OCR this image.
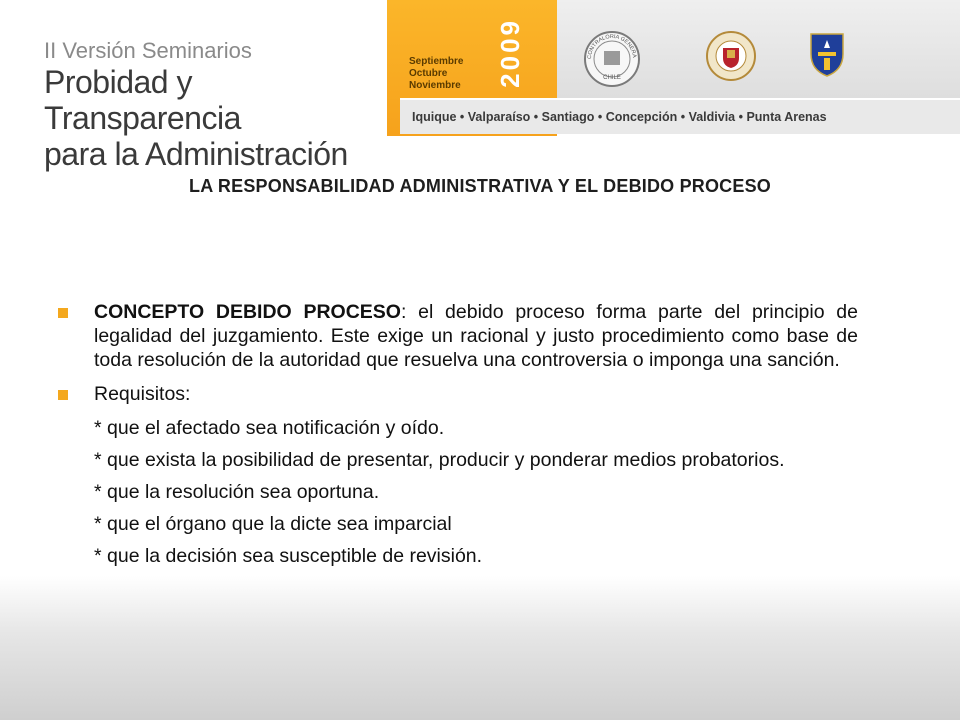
II Versión Seminarios
Probidad y Transparencia
para la Administración
Septiembre
Octubre
Noviembre 2009	CONTRALORIA GENERA
CHILE
Iquique • Valparaíso • Santiago • Concepción • Valdivia • Punta Arenas
LA RESPONSABILIDAD ADMINISTRATIVA Y EL DEBIDO PROCESO
CONCEPTO DEBIDO PROCESO: el debido proceso forma parte del principio de legalidad del juzgamiento. Este exige un racional y justo procedimiento como base de toda resolución de la autoridad que resuelva una controversia o imponga una sanción.
Requisitos:
* que el afectado sea notificación y oído.
* que exista la posibilidad de presentar, producir y ponderar medios probatorios.
* que la resolución sea oportuna.
* que el órgano que la dicte sea imparcial
* que la decisión sea susceptible de revisión.
